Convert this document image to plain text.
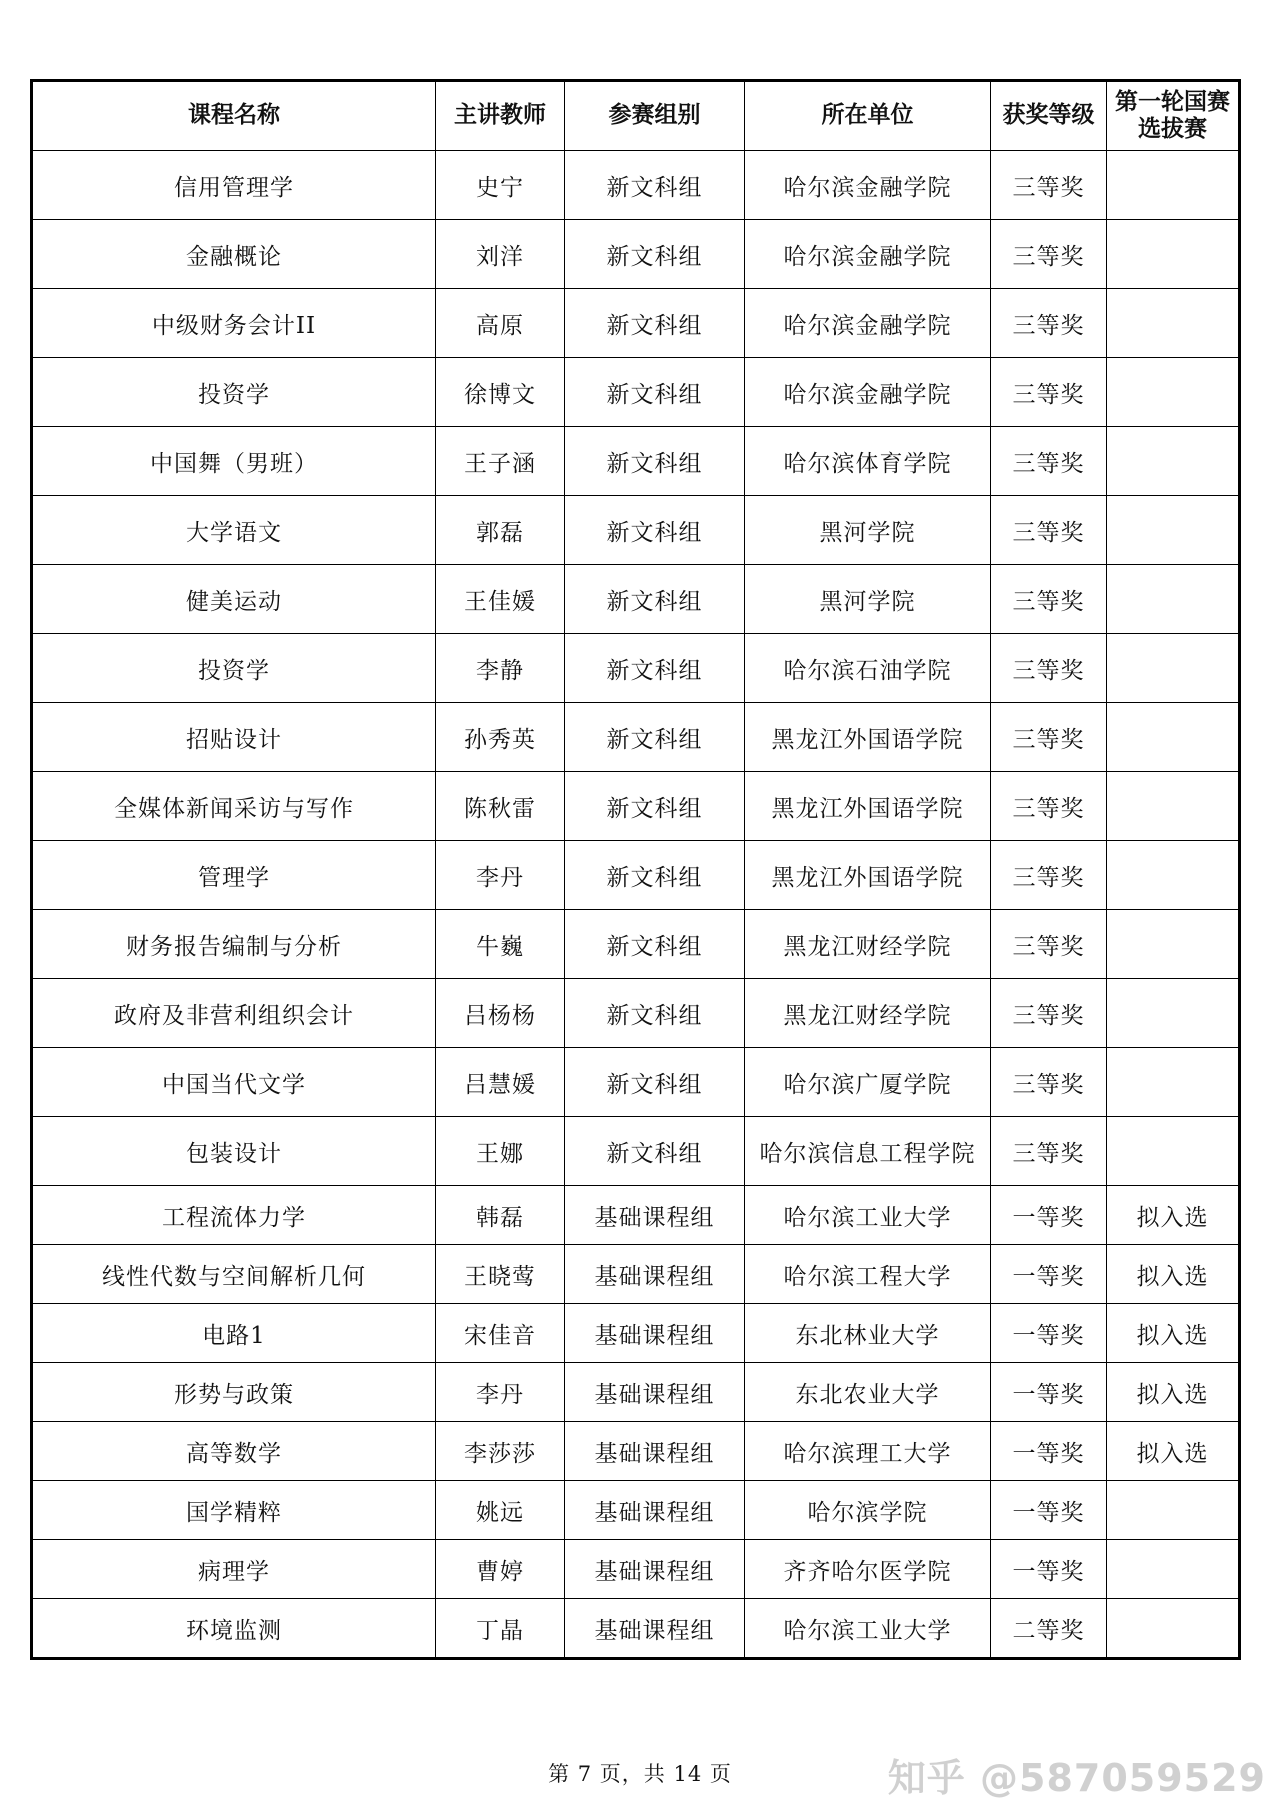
课程名称	主讲教师	参赛组别	所在单位	获奖等级	第一轮国赛选拔赛
信用管理学	史宁	新文科组	哈尔滨金融学院	三等奖	
金融概论	刘洋	新文科组	哈尔滨金融学院	三等奖	
中级财务会计II	高原	新文科组	哈尔滨金融学院	三等奖	
投资学	徐博文	新文科组	哈尔滨金融学院	三等奖	
中国舞（男班）	王子涵	新文科组	哈尔滨体育学院	三等奖	
大学语文	郭磊	新文科组	黑河学院	三等奖	
健美运动	王佳媛	新文科组	黑河学院	三等奖	
投资学	李静	新文科组	哈尔滨石油学院	三等奖	
招贴设计	孙秀英	新文科组	黑龙江外国语学院	三等奖	
全媒体新闻采访与写作	陈秋雷	新文科组	黑龙江外国语学院	三等奖	
管理学	李丹	新文科组	黑龙江外国语学院	三等奖	
财务报告编制与分析	牛巍	新文科组	黑龙江财经学院	三等奖	
政府及非营利组织会计	吕杨杨	新文科组	黑龙江财经学院	三等奖	
中国当代文学	吕慧媛	新文科组	哈尔滨广厦学院	三等奖	
包装设计	王娜	新文科组	哈尔滨信息工程学院	三等奖	
工程流体力学	韩磊	基础课程组	哈尔滨工业大学	一等奖	拟入选
线性代数与空间解析几何	王晓莺	基础课程组	哈尔滨工程大学	一等奖	拟入选
电路1	宋佳音	基础课程组	东北林业大学	一等奖	拟入选
形势与政策	李丹	基础课程组	东北农业大学	一等奖	拟入选
高等数学	李莎莎	基础课程组	哈尔滨理工大学	一等奖	拟入选
国学精粹	姚远	基础课程组	哈尔滨学院	一等奖	
病理学	曹婷	基础课程组	齐齐哈尔医学院	一等奖	
环境监测	丁晶	基础课程组	哈尔滨工业大学	二等奖	
第 7 页，共 14 页	知乎 @587059529
